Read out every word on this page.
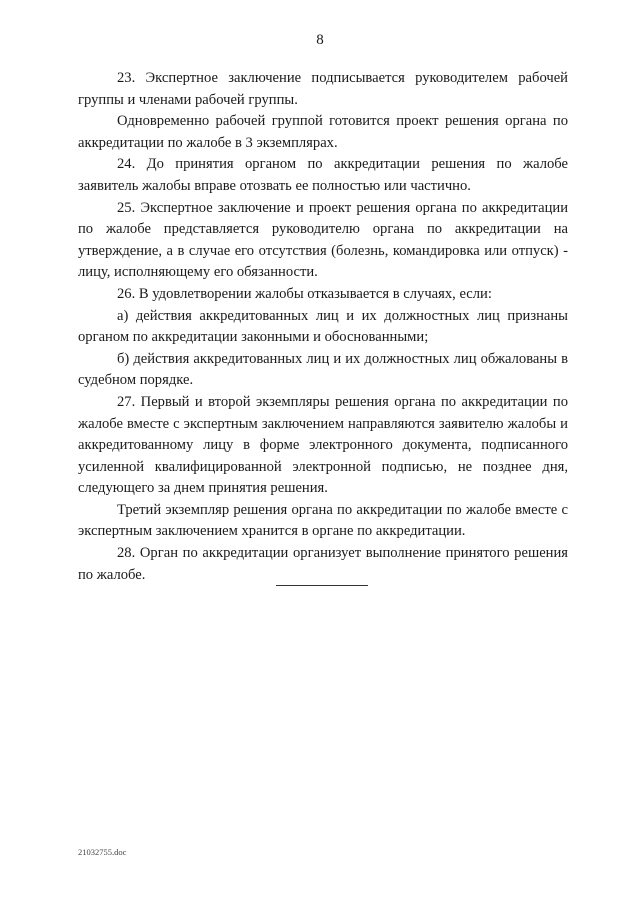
8

23. Экспертное заключение подписывается руководителем рабочей группы и членами рабочей группы.

Одновременно рабочей группой готовится проект решения органа по аккредитации по жалобе в 3 экземплярах.

24. До принятия органом по аккредитации решения по жалобе заявитель жалобы вправе отозвать ее полностью или частично.

25. Экспертное заключение и проект решения органа по аккредитации по жалобе представляется руководителю органа по аккредитации на утверждение, а в случае его отсутствия (болезнь, командировка или отпуск) - лицу, исполняющему его обязанности.

26. В удовлетворении жалобы отказывается в случаях, если:

а) действия аккредитованных лиц и их должностных лиц признаны органом по аккредитации законными и обоснованными;

б) действия аккредитованных лиц и их должностных лиц обжалованы в судебном порядке.

27. Первый и второй экземпляры решения органа по аккредитации по жалобе вместе с экспертным заключением направляются заявителю жалобы и аккредитованному лицу в форме электронного документа, подписанного усиленной квалифицированной электронной подписью, не позднее дня, следующего за днем принятия решения.

Третий экземпляр решения органа по аккредитации по жалобе вместе с экспертным заключением хранится в органе по аккредитации.

28. Орган по аккредитации организует выполнение принятого решения по жалобе.

21032755.doc
